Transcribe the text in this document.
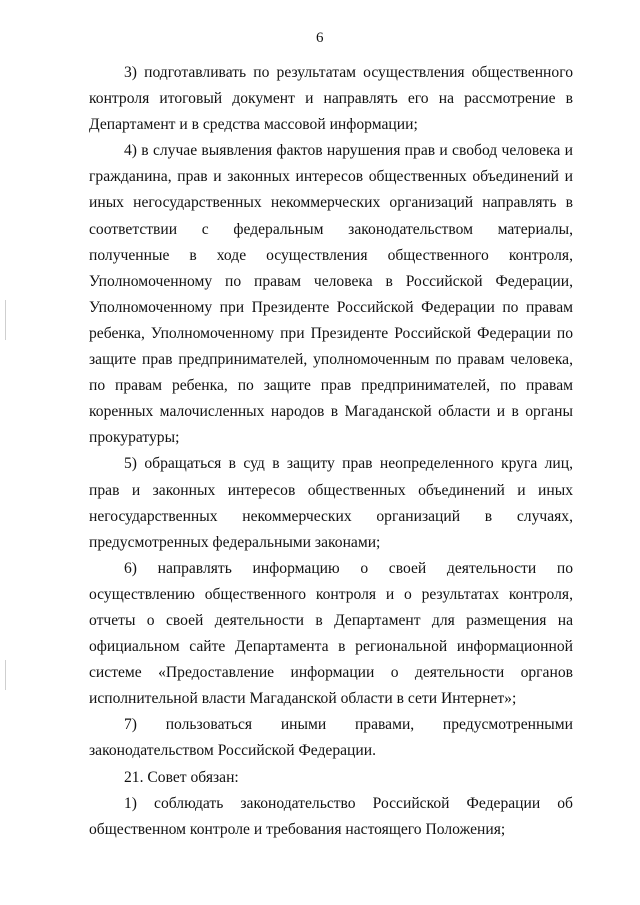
6

3) подготавливать по результатам осуществления общественного контроля итоговый документ и направлять его на рассмотрение в Департамент и в средства массовой информации;

4) в случае выявления фактов нарушения прав и свобод человека и гражданина, прав и законных интересов общественных объединений и иных негосударственных некоммерческих организаций направлять в соответствии с федеральным законодательством материалы, полученные в ходе осуществления общественного контроля, Уполномоченному по правам человека в Российской Федерации, Уполномоченному при Президенте Российской Федерации по правам ребенка, Уполномоченному при Президенте Российской Федерации по защите прав предпринимателей, уполномоченным по правам человека, по правам ребенка, по защите прав предпринимателей, по правам коренных малочисленных народов в Магаданской области и в органы прокуратуры;

5) обращаться в суд в защиту прав неопределенного круга лиц, прав и законных интересов общественных объединений и иных негосударственных некоммерческих организаций в случаях, предусмотренных федеральными законами;

6) направлять информацию о своей деятельности по осуществлению общественного контроля и о результатах контроля, отчеты о своей деятельности в Департамент для размещения на официальном сайте Департамента в региональной информационной системе «Предоставление информации о деятельности органов исполнительной власти Магаданской области в сети Интернет»;

7) пользоваться иными правами, предусмотренными законодательством Российской Федерации.

21. Совет обязан:

1) соблюдать законодательство Российской Федерации об общественном контроле и требования настоящего Положения;
